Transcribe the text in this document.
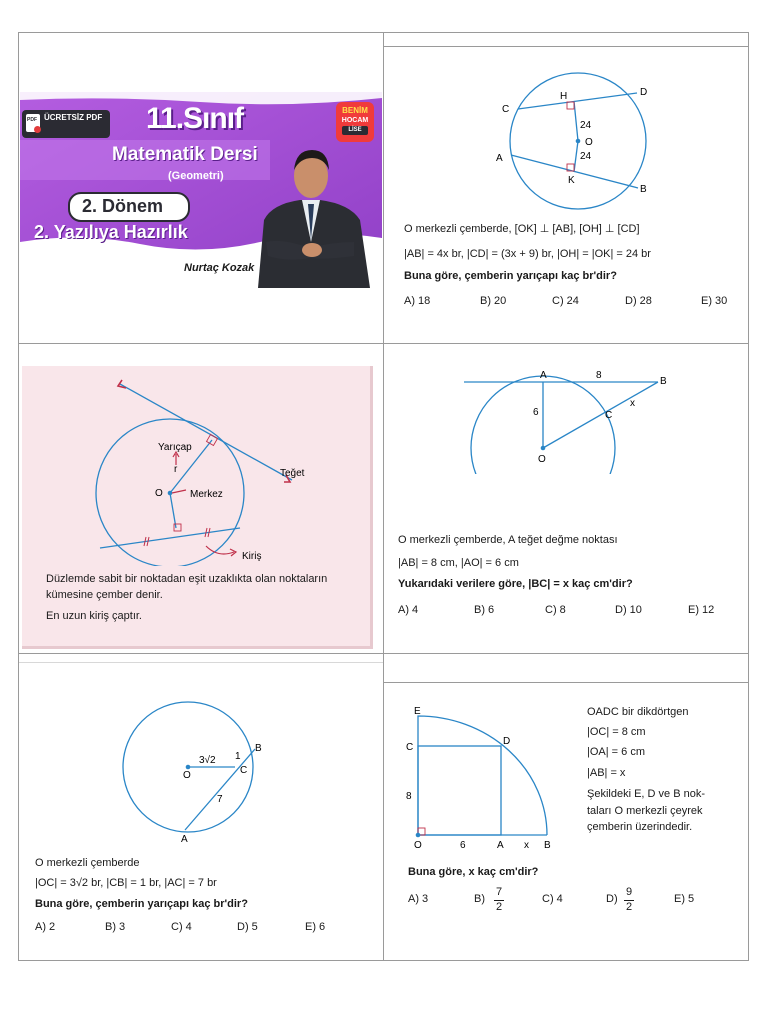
PDF ÜCRETSİZ PDF 11.Sınıf
Matematik Dersi
(Geometri)
2. Dönem
2. Yazılıya Hazırlık
Nurtaç Kozak
BENİM
HOCAM
LİSE
C
H	D
24
O
24
A
K
B
O merkezli çemberde, [OK] ⊥ [AB], [OH] ⊥ [CD]
|AB| = 4x br, |CD| = (3x + 9) br, |OH| = |OK| = 24 br
Buna göre, çemberin yarıçapı kaç br'dir?
A) 18	B) 20	C) 24	D) 28	E) 30
Yarıçap
r	Teğet
O	Merkez
Kiriş
Düzlemde sabit bir noktadan eşit uzaklıkta olan noktaların
kümesine çember denir.
En uzun kiriş çaptır.
A	8
B
6
x
C
O
O merkezli çemberde, A teğet değme noktası
|AB| = 8 cm, |AO| = 6 cm
Yukarıdaki verilere göre, |BC| = x kaç cm'dir?
A) 4	B) 6	C) 8	D) 10	E) 12
3√2 1
B
O	C
7
A
O merkezli çemberde
|OC| = 3√2 br, |CB| = 1 br, |AC| = 7 br
Buna göre, çemberin yarıçapı kaç br'dir?
A) 2	B) 3	C) 4	D) 5	E) 6
E
C
D
8
O	6	A x B
OADC bir dikdörtgen
|OC| = 8 cm
|OA| = 6 cm
|AB| = x
Şekildeki E, D ve B nok-
taları O merkezli çeyrek
çemberin üzerindedir.
Buna göre, x kaç cm'dir?
A) 3	B)
7
2
C) 4	D)
9
2
E) 5
